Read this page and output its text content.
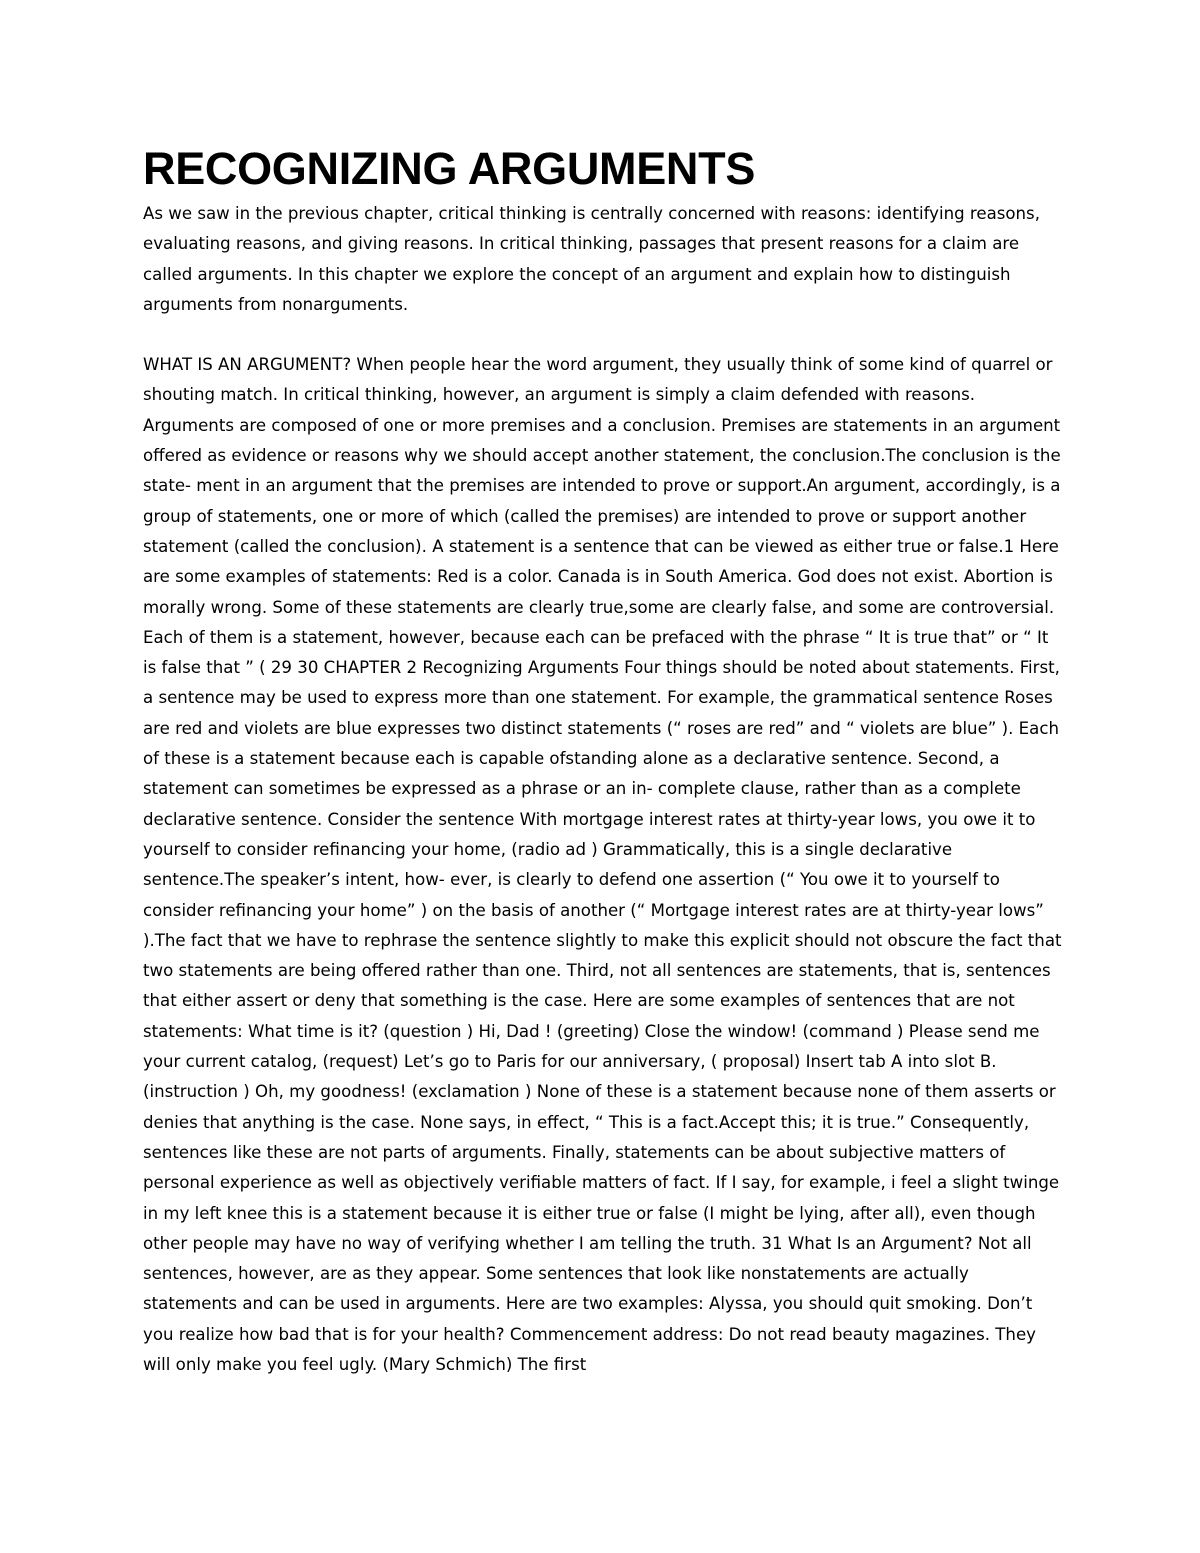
RECOGNIZING ARGUMENTS

As we saw in the previous chapter, critical thinking is centrally concerned with reasons: identifying reasons, evaluating reasons, and giving reasons. In critical thinking, passages that present reasons for a claim are called arguments. In this chapter we explore the concept of an argument and explain how to distinguish arguments from nonarguments.

WHAT IS AN ARGUMENT? When people hear the word argument, they usually think of some kind of quarrel or shouting match. In critical thinking, however, an argument is simply a claim defended with reasons. Arguments are composed of one or more premises and a conclusion. Premises are statements in an argument offered as evidence or reasons why we should accept another statement, the conclusion.The conclusion is the state- ment in an argument that the premises are intended to prove or support.An argument, accordingly, is a group of statements, one or more of which (called the premises) are intended to prove or support another statement (called the conclusion). A statement is a sentence that can be viewed as either true or false.1 Here are some examples of statements: Red is a color. Canada is in South America. God does not exist. Abortion is morally wrong. Some of these statements are clearly true,some are clearly false, and some are controversial. Each of them is a statement, however, because each can be prefaced with the phrase “ It is true that” or “ It is false that ” ( 29 30 CHAPTER 2 Recognizing Arguments Four things should be noted about statements. First, a sentence may be used to express more than one statement. For example, the grammatical sentence Roses are red and violets are blue expresses two distinct statements (“ roses are red” and “ violets are blue” ). Each of these is a statement because each is capable ofstanding alone as a declarative sentence. Second, a statement can sometimes be expressed as a phrase or an in- complete clause, rather than as a complete declarative sentence. Consider the sentence With mortgage interest rates at thirty-year lows, you owe it to yourself to consider refinancing your home, (radio ad ) Grammatically, this is a single declarative sentence.The speaker’s intent, how- ever, is clearly to defend one assertion (“ You owe it to yourself to consider refinancing your home” ) on the basis of another (“ Mortgage interest rates are at thirty-year lows” ).The fact that we have to rephrase the sentence slightly to make this explicit should not obscure the fact that two statements are being offered rather than one. Third, not all sentences are statements, that is, sentences that either assert or deny that something is the case. Here are some examples of sentences that are not statements: What time is it? (question ) Hi, Dad ! (greeting) Close the window! (command ) Please send me your current catalog, (request) Let’s go to Paris for our anniversary, ( proposal) Insert tab A into slot B. (instruction ) Oh, my goodness! (exclamation ) None of these is a statement because none of them asserts or denies that anything is the case. None says, in effect, “ This is a fact.Accept this; it is true.” Consequently, sentences like these are not parts of arguments. Finally, statements can be about subjective matters of personal experience as well as objectively verifiable matters of fact. If I say, for example, i feel a slight twinge in my left knee this is a statement because it is either true or false (I might be lying, after all), even though other people may have no way of verifying whether I am telling the truth. 31 What Is an Argument? Not all sentences, however, are as they appear. Some sentences that look like nonstatements are actually statements and can be used in arguments. Here are two examples: Alyssa, you should quit smoking. Don’t you realize how bad that is for your health? Commencement address: Do not read beauty magazines. They will only make you feel ugly. (Mary Schmich) The first
